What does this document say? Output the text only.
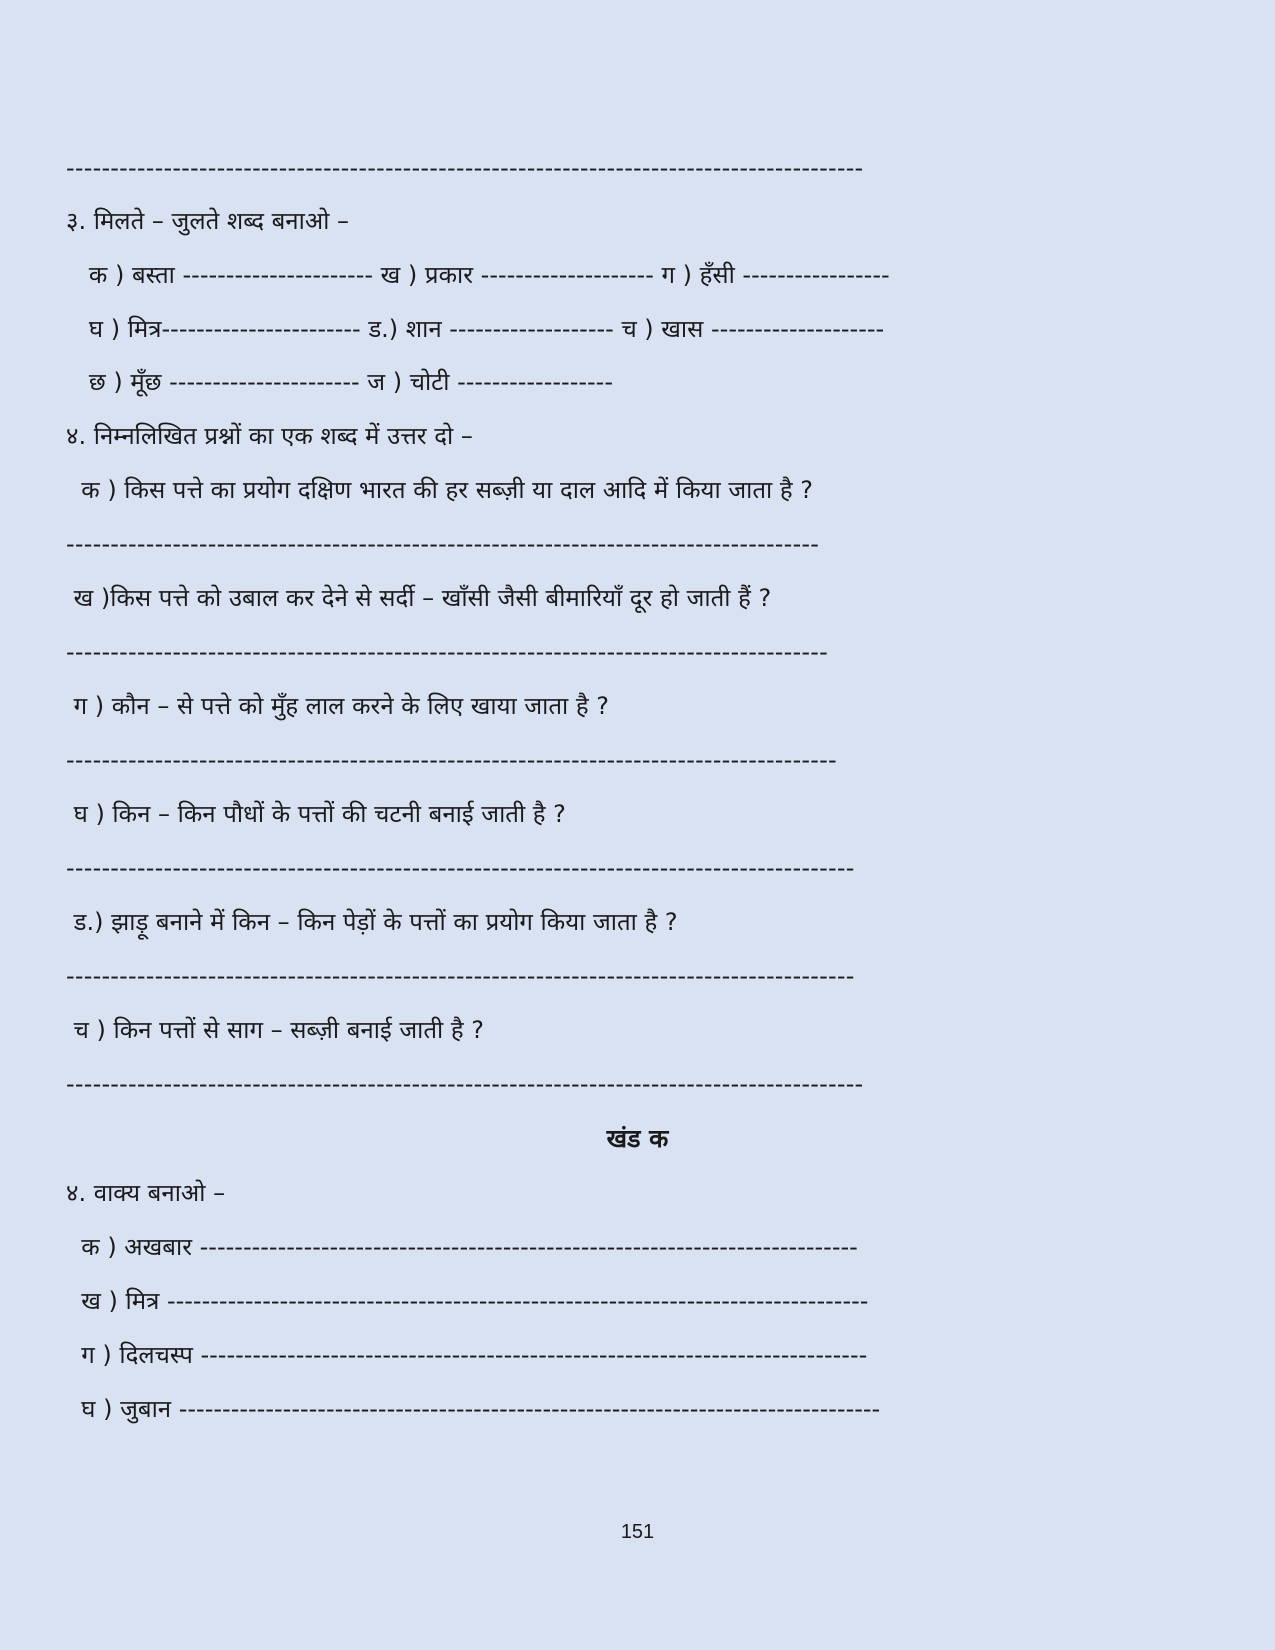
------------------------------------------------------------------------------------------
३. मिलते – जुलते शब्द बनाओ –
क ) बस्ता ---------------------- ख ) प्रकार -------------------- ग ) हँसी -----------------
घ ) मित्र----------------------- ड.) शान ------------------- च ) खास --------------------
छ ) मूँछ ---------------------- ज ) चोटी ------------------
४. निम्नलिखित प्रश्नों का एक शब्द में उत्तर दो –
क ) किस पत्ते का प्रयोग दक्षिण भारत की हर सब्ज़ी या दाल आदि में किया जाता है ?
-------------------------------------------------------------------------------------
ख )किस पत्ते को उबाल कर देने से सर्दी – खाँसी जैसी बीमारियाँ दूर हो जाती हैं ?
--------------------------------------------------------------------------------------
ग ) कौन – से पत्ते को मुँह लाल करने के लिए खाया जाता है ?
---------------------------------------------------------------------------------------
घ ) किन – किन पौधों के पत्तों की चटनी बनाई जाती है ?
-----------------------------------------------------------------------------------------
ड.) झाड़ू बनाने में किन – किन पेड़ों के पत्तों का प्रयोग किया जाता है ?
-----------------------------------------------------------------------------------------
च ) किन पत्तों से साग – सब्ज़ी बनाई जाती है ?
------------------------------------------------------------------------------------------
खंड क
४. वाक्य बनाओ –
क ) अखबार ----------------------------------------------------------------------------
ख ) मित्र ---------------------------------------------------------------------------------
ग ) दिलचस्प -----------------------------------------------------------------------------
घ ) जुबान ---------------------------------------------------------------------------------
151
